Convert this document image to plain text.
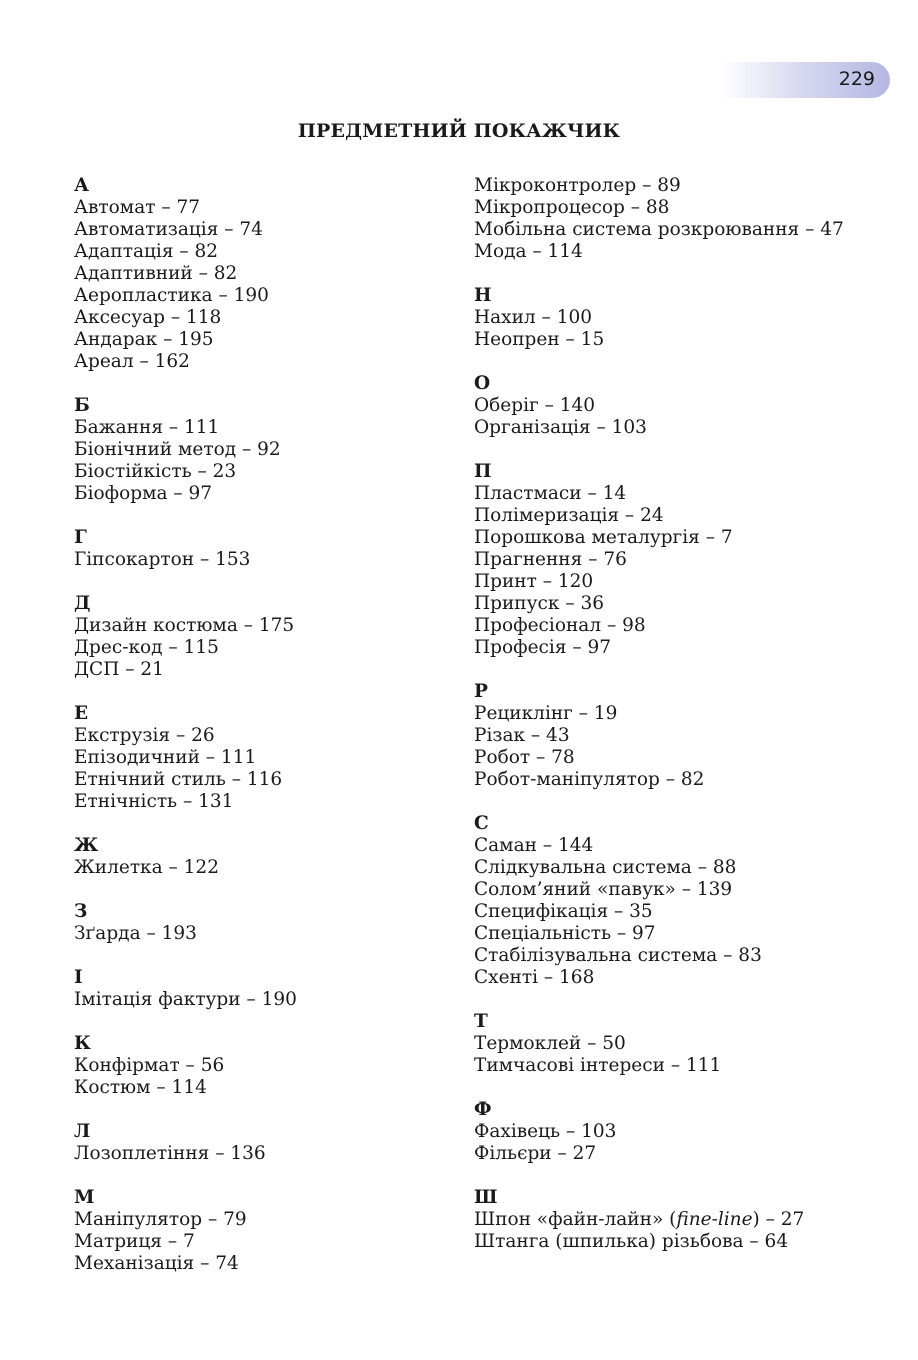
229
ПРЕДМЕТНИЙ ПОКАЖЧИК
А
Автомат – 77
Автоматизація – 74
Адаптація – 82
Адаптивний – 82
Аеропластика – 190
Аксесуар – 118
Андарак – 195
Ареал – 162
Б
Бажання – 111
Біонічний метод – 92
Біостійкість – 23
Біоформа – 97
Г
Гіпсокартон – 153
Д
Дизайн костюма – 175
Дрес-код – 115
ДСП – 21
Е
Екструзія – 26
Епізодичний – 111
Етнічний стиль – 116
Етнічність – 131
Ж
Жилетка – 122
З
Зґарда – 193
І
Імітація фактури – 190
К
Конфірмат – 56
Костюм – 114
Л
Лозоплетіння – 136
М
Маніпулятор – 79
Матриця – 7
Механізація – 74
Мікроконтролер – 89
Мікропроцесор – 88
Мобільна система розкроювання – 47
Мода – 114
Н
Нахил – 100
Неопрен – 15
О
Оберіг – 140
Організація – 103
П
Пластмаси – 14
Полімеризація – 24
Порошкова металургія – 7
Прагнення – 76
Принт – 120
Припуск – 36
Професіонал – 98
Професія – 97
Р
Рециклінг – 19
Різак – 43
Робот – 78
Робот-маніпулятор – 82
С
Саман – 144
Слідкувальна система – 88
Солом’яний «павук» – 139
Специфікація – 35
Спеціальність – 97
Стабілізувальна система – 83
Схенті – 168
Т
Термоклей – 50
Тимчасові інтереси – 111
Ф
Фахівець – 103
Фільєри – 27
Ш
Шпон «файн-лайн» (fine-line) – 27
Штанга (шпилька) різьбова – 64
